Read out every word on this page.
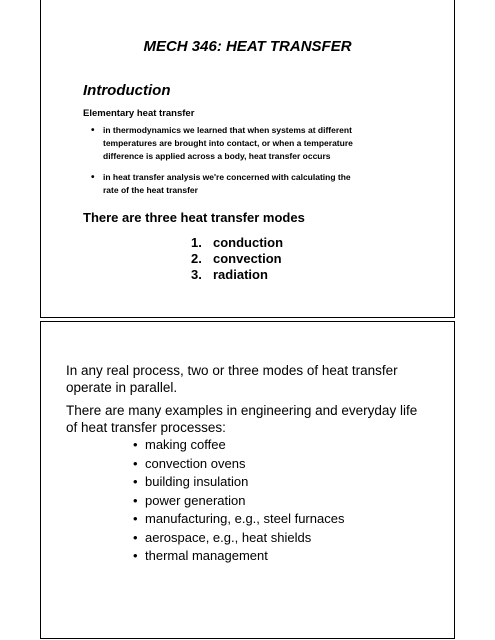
MECH 346: HEAT TRANSFER
Introduction
Elementary heat transfer
• in thermodynamics we learned that when systems at different
temperatures are brought into contact, or when a temperature
difference is applied across a body, heat transfer occurs
• in heat transfer analysis we're concerned with calculating the
rate of the heat transfer
There are three heat transfer modes
1. conduction
2. convection
3. radiation
In any real process, two or three modes of heat transfer
operate in parallel.
There are many examples in engineering and everyday life
of heat transfer processes:
• making coffee
• convection ovens
• building insulation
• power generation
• manufacturing, e.g., steel furnaces
• aerospace, e.g., heat shields
• thermal management
